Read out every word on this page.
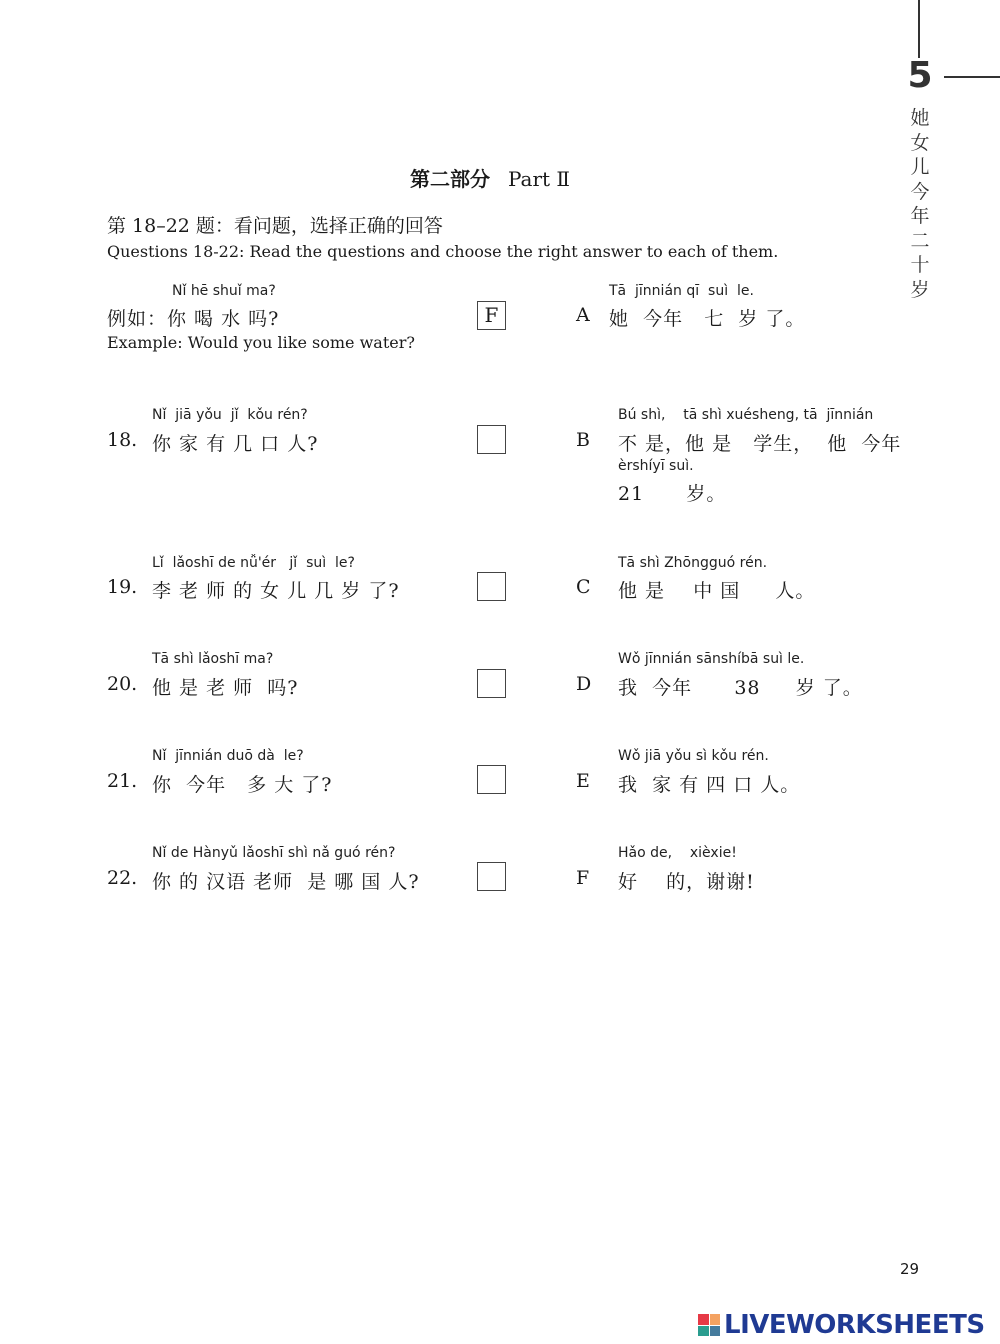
5
她女儿今年二十岁
第二部分 Part Ⅱ
第 18–22 题：看问题，选择正确的回答
Questions 18-22: Read the questions and choose the right answer to each of them.
Nǐ hē shuǐ ma?
例如：你 喝 水 吗?
Example: Would you like some water?
F
Nǐ  jiā yǒu  jǐ  kǒu rén?
18. 你 家 有 几 口 人?
Lǐ  lǎoshī de nǚ'ér   jǐ  suì  le?
19. 李 老 师 的 女 儿 几 岁 了?
Tā shì lǎoshī ma?
20. 他 是 老 师  吗?
Nǐ  jīnnián duō dà  le?
21. 你  今年   多 大 了?
Nǐ de Hànyǔ lǎoshī shì nǎ guó rén?
22. 你 的 汉语 老师  是 哪 国 人?
Tā  jīnnián qī  suì  le.
A 她  今年   七  岁 了。
Bú shì,    tā shì xuésheng, tā  jīnnián
B 不 是，他 是   学生，  他  今年
èrshíyī suì.
21      岁。
Tā shì Zhōngguó rén.
C 他 是    中 国     人。
Wǒ jīnnián sānshíbā suì le.
D 我  今年      38     岁 了。
Wǒ jiā yǒu sì kǒu rén.
E 我  家 有 四 口 人。
Hǎo de,    xièxie!
F 好    的，谢谢!
29
LIVEWORKSHEETS
